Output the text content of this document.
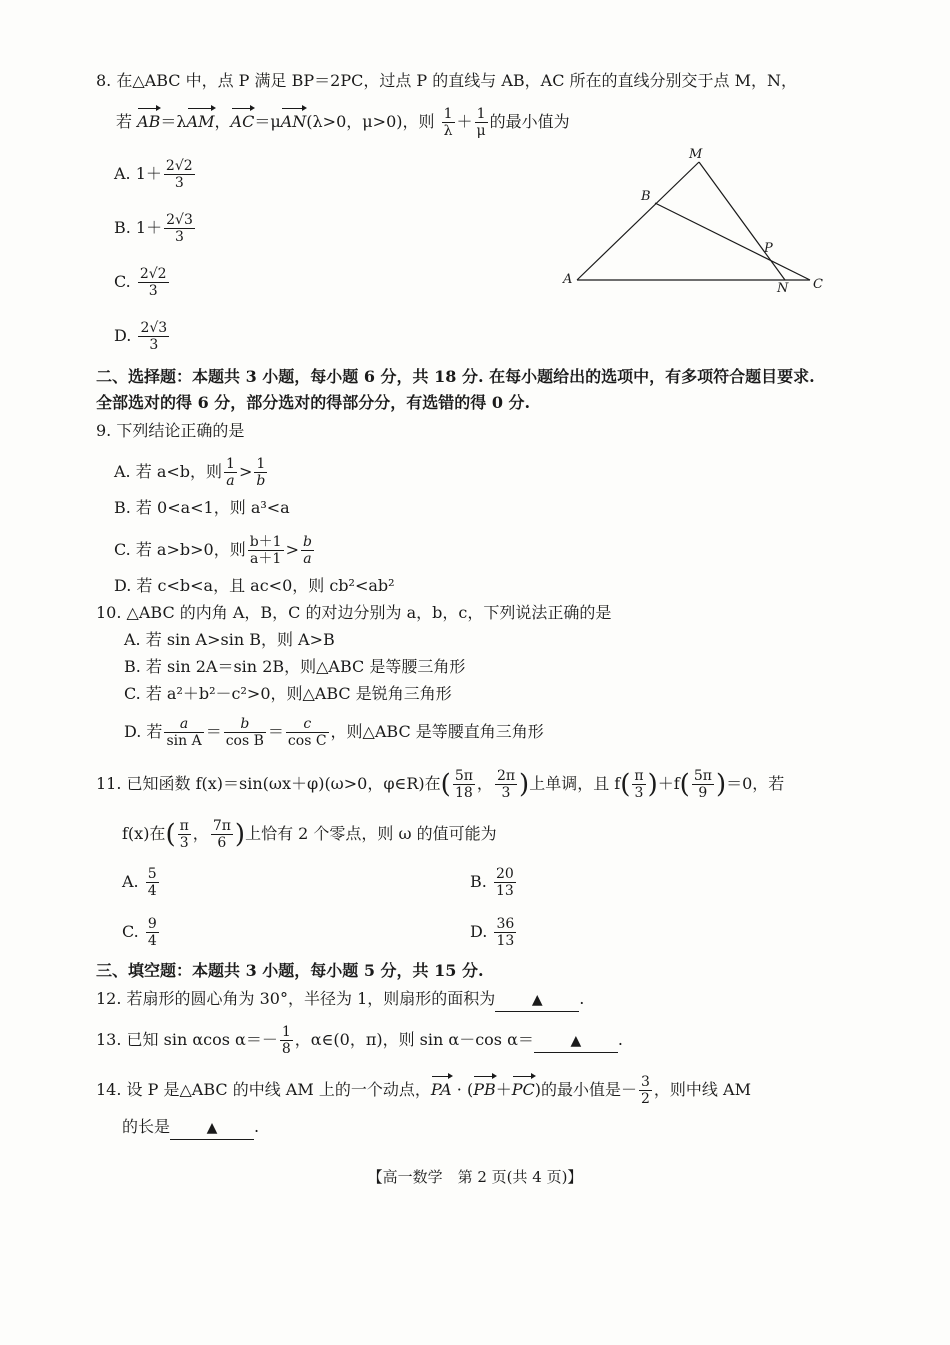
8. 在△ABC 中，点 P 满足 BP＝2PC，过点 P 的直线与 AB，AC 所在的直线分别交于点 M，N，
若 AB＝λAM，AC＝μAN(λ>0，μ>0)，则 $\frac{1}{\lambda} + \frac{1}{\mu}$ 的最小值为
A. $1+ \frac{2√2}{3}$
B. $1+ \frac{2√3}{3}$
C. $\frac{2√2}{3}$
D. $\frac{2√3}{3}$
A
B
C
M
N
P
二、选择题：本题共 3 小题，每小题 6 分，共 18 分. 在每小题给出的选项中，有多项符合题目要求. 全部选对的得 6 分，部分选对的得部分分，有选错的得 0 分.
9. 下列结论正确的是
A. 若 a<b，则 $\frac{1}{a} > \frac{1}{b}$
B. 若 0<a<1，则 a³<a
C. 若 a>b>0，则 $\frac{b+1}{a+1} > \frac{b}{a}$
D. 若 c<b<a，且 ac<0，则 cb²<ab²
10. △ABC 的内角 A，B，C 的对边分别为 a，b，c，下列说法正确的是
A. 若 sin A>sin B，则 A>B
B. 若 sin 2A＝sin 2B，则△ABC 是等腰三角形
C. 若 a²＋b²－c²>0，则△ABC 是锐角三角形
D. 若 $\frac{a}{\text{sin A}} = \frac{b}{\text{cos B}} = \frac{c}{\text{cos C}}$ ，则△ABC 是等腰直角三角形
11. 已知函数 f(x)＝sin(ωx＋φ)(ω>0，φ∈R)在( $\frac{5\pi}{18}$ ， $\frac{2\pi}{3}$ )上单调，且 $f( \frac{\pi}{3} )+f( \frac{5\pi}{9} )=0$，若
f(x)在( $\frac{\pi}{3}$ ， $\frac{7\pi}{6}$ )上恰有 2 个零点，则 ω 的值可能为
A. $\frac{5}{4}$	B. $\frac{20}{13}$
C. $\frac{9}{4}$	D. $\frac{36}{13}$
三、填空题：本题共 3 小题，每小题 5 分，共 15 分.
12. 若扇形的圆心角为 30°，半径为 1，则扇形的面积为	▲ .
13. 已知 sin αcos $\alpha=- \frac{1}{8}$ ，α∈(0，π)，则 sin α－cos α＝	▲ .
14. 设 P 是△ABC 的中线 AM 上的一个动点，PA · (PB＋PC)的最小值是－ $\frac{3}{2}$ ，则中线 AM
的长是	▲ .
【高一数学　第 2 页(共 4 页)】
